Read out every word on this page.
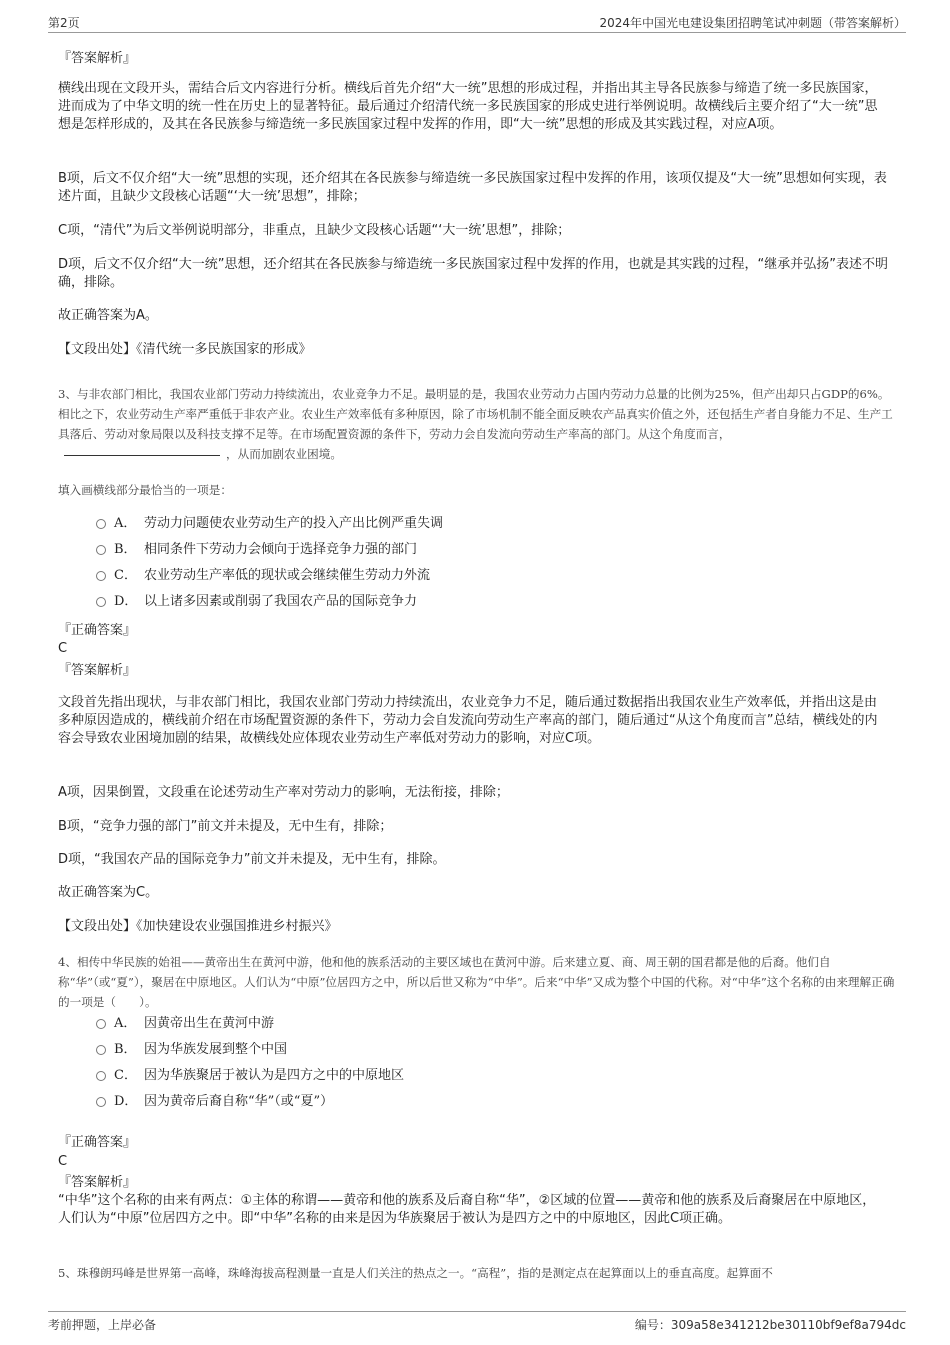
第2页	2024年中国光电建设集团招聘笔试冲刺题（带答案解析）

『答案解析』

横线出现在文段开头，需结合后文内容进行分析。横线后首先介绍“大一统”思想的形成过程，并指出其主导各民族参与缔造了统一多民族国家，进而成为了中华文明的统一性在历史上的显著特征。最后通过介绍清代统一多民族国家的形成史进行举例说明。故横线后主要介绍了“大一统”思想是怎样形成的，及其在各民族参与缔造统一多民族国家过程中发挥的作用，即“大一统”思想的形成及其实践过程，对应A项。

B项，后文不仅介绍“大一统”思想的实现，还介绍其在各民族参与缔造统一多民族国家过程中发挥的作用，该项仅提及“大一统”思想如何实现，表述片面，且缺少文段核心话题“‘大一统’思想”，排除；

C项，“清代”为后文举例说明部分，非重点，且缺少文段核心话题“‘大一统’思想”，排除；

D项，后文不仅介绍“大一统”思想，还介绍其在各民族参与缔造统一多民族国家过程中发挥的作用，也就是其实践的过程，“继承并弘扬”表述不明确，排除。

故正确答案为A。

【文段出处】《清代统一多民族国家的形成》

3、与非农部门相比，我国农业部门劳动力持续流出，农业竞争力不足。最明显的是，我国农业劳动力占国内劳动力总量的比例为25%，但产出却只占GDP的6%。相比之下，农业劳动生产率严重低于非农产业。农业生产效率低有多种原因，除了市场机制不能全面反映农产品真实价值之外，还包括生产者自身能力不足、生产工具落后、劳动对象局限以及科技支撑不足等。在市场配置资源的条件下，劳动力会自发流向劳动生产率高的部门。从这个角度而言，，从而加剧农业困境。

填入画横线部分最恰当的一项是：

A． 劳动力问题使农业劳动生产的投入产出比例严重失调
B． 相同条件下劳动力会倾向于选择竞争力强的部门
C． 农业劳动生产率低的现状或会继续催生劳动力外流
D． 以上诸多因素或削弱了我国农产品的国际竞争力

『正确答案』

C

『答案解析』

文段首先指出现状，与非农部门相比，我国农业部门劳动力持续流出，农业竞争力不足，随后通过数据指出我国农业生产效率低，并指出这是由多种原因造成的，横线前介绍在市场配置资源的条件下，劳动力会自发流向劳动生产率高的部门，随后通过“从这个角度而言”总结，横线处的内容会导致农业困境加剧的结果，故横线处应体现农业劳动生产率低对劳动力的影响，对应C项。

A项，因果倒置，文段重在论述劳动生产率对劳动力的影响，无法衔接，排除；

B项，“竞争力强的部门”前文并未提及，无中生有，排除；

D项，“我国农产品的国际竞争力”前文并未提及，无中生有，排除。

故正确答案为C。

【文段出处】《加快建设农业强国推进乡村振兴》

4、相传中华民族的始祖——黄帝出生在黄河中游，他和他的族系活动的主要区域也在黄河中游。后来建立夏、商、周王朝的国君都是他的后裔。他们自称“华”（或“夏”），聚居在中原地区。人们认为“中原”位居四方之中，所以后世又称为“中华”。后来“中华”又成为整个中国的代称。对“中华”这个名称的由来理解正确的一项是（　　）。

A． 因黄帝出生在黄河中游
B． 因为华族发展到整个中国
C． 因为华族聚居于被认为是四方之中的中原地区
D． 因为黄帝后裔自称“华”（或“夏”）

『正确答案』

C

『答案解析』

“中华”这个名称的由来有两点：①主体的称谓——黄帝和他的族系及后裔自称“华”，②区域的位置——黄帝和他的族系及后裔聚居在中原地区，人们认为“中原”位居四方之中。即“中华”名称的由来是因为华族聚居于被认为是四方之中的中原地区，因此C项正确。

5、珠穆朗玛峰是世界第一高峰，珠峰海拔高程测量一直是人们关注的热点之一。“高程”，指的是测定点在起算面以上的垂直高度。起算面不

考前押题，上岸必备	编号：309a58e341212be30110bf9ef8a794dc
